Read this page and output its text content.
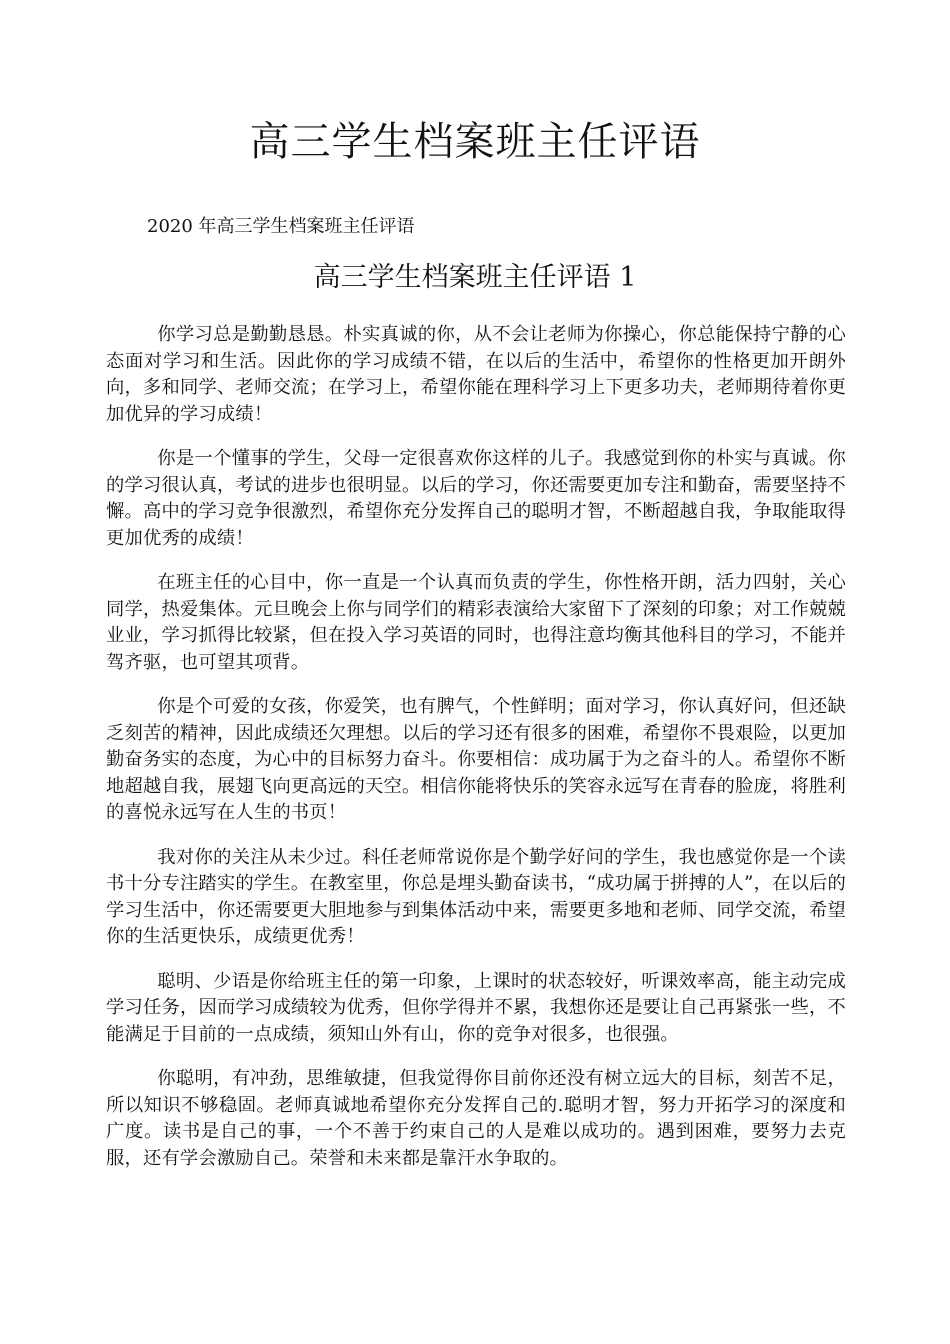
高三学生档案班主任评语

2020 年高三学生档案班主任评语

高三学生档案班主任评语 1

你学习总是勤勤恳恳。朴实真诚的你，从不会让老师为你操心，你总能保持宁静的心态面对学习和生活。因此你的学习成绩不错，在以后的生活中，希望你的性格更加开朗外向，多和同学、老师交流；在学习上，希望你能在理科学习上下更多功夫，老师期待着你更加优异的学习成绩！

你是一个懂事的学生，父母一定很喜欢你这样的儿子。我感觉到你的朴实与真诚。你的学习很认真，考试的进步也很明显。以后的学习，你还需要更加专注和勤奋，需要坚持不懈。高中的学习竞争很激烈，希望你充分发挥自己的聪明才智，不断超越自我，争取能取得更加优秀的成绩！

在班主任的心目中，你一直是一个认真而负责的学生，你性格开朗，活力四射，关心同学，热爱集体。元旦晚会上你与同学们的精彩表演给大家留下了深刻的印象；对工作兢兢业业，学习抓得比较紧，但在投入学习英语的同时，也得注意均衡其他科目的学习，不能并驾齐驱，也可望其项背。

你是个可爱的女孩，你爱笑，也有脾气，个性鲜明；面对学习，你认真好问，但还缺乏刻苦的精神，因此成绩还欠理想。以后的学习还有很多的困难，希望你不畏艰险，以更加勤奋务实的态度，为心中的目标努力奋斗。你要相信：成功属于为之奋斗的人。希望你不断地超越自我，展翅飞向更高远的天空。相信你能将快乐的笑容永远写在青春的脸庞，将胜利的喜悦永远写在人生的书页！

我对你的关注从未少过。科任老师常说你是个勤学好问的学生，我也感觉你是一个读书十分专注踏实的学生。在教室里，你总是埋头勤奋读书，“成功属于拼搏的人”，在以后的学习生活中，你还需要更大胆地参与到集体活动中来，需要更多地和老师、同学交流，希望你的生活更快乐，成绩更优秀！

聪明、少语是你给班主任的第一印象，上课时的状态较好，听课效率高，能主动完成学习任务，因而学习成绩较为优秀，但你学得并不累，我想你还是要让自己再紧张一些，不能满足于目前的一点成绩，须知山外有山，你的竞争对很多，也很强。

你聪明，有冲劲，思维敏捷，但我觉得你目前你还没有树立远大的目标，刻苦不足，所以知识不够稳固。老师真诚地希望你充分发挥自己的.聪明才智，努力开拓学习的深度和广度。读书是自己的事，一个不善于约束自己的人是难以成功的。遇到困难，要努力去克服，还有学会激励自己。荣誉和未来都是靠汗水争取的。
